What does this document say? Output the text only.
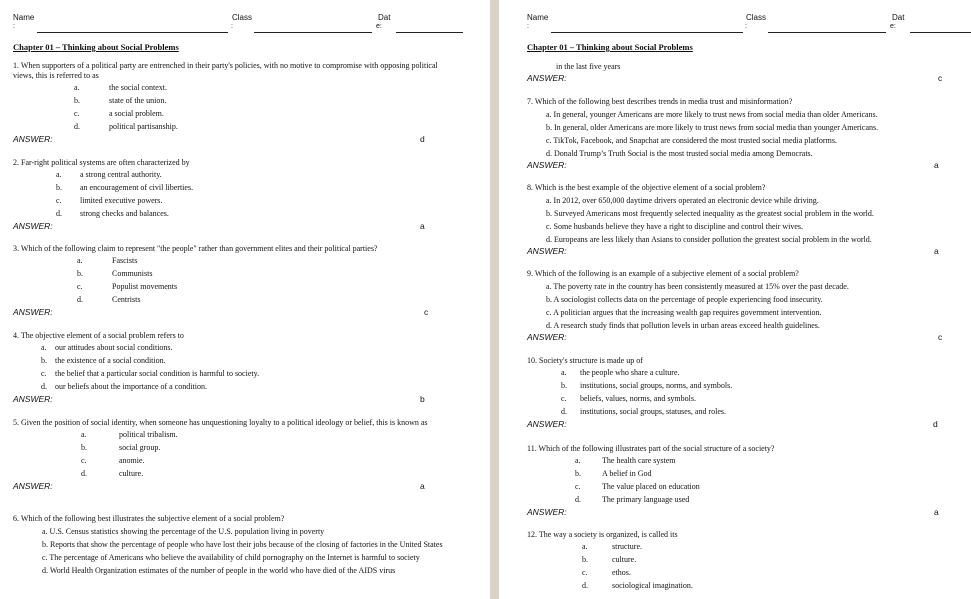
Name
:
Class
:
Dat
e:
Chapter 01 – Thinking about Social Problems
1. When supporters of a political party are entrenched in their party's policies, with no motive to compromise with opposing political views, this is referred to as
a.	the social context.
b.	state of the union.
c.	a social problem.
d.	political partisanship.
ANSWER:	d
2. Far-right political systems are often characterized by
a. a strong central authority.
b. an encouragement of civil liberties.
c. limited executive powers.
d. strong checks and balances.
ANSWER:	a
3. Which of the following claim to represent "the people" rather than government elites and their political parties?
a.	Fascists
b.	Communists
c.	Populist movements
d.	Centrists
ANSWER:	c
4. The objective element of a social problem refers to
a. our attitudes about social conditions.
b. the existence of a social condition.
c. the belief that a particular social condition is harmful to society.
d. our beliefs about the importance of a condition.
ANSWER:	b
5. Given the position of social identity, when someone has unquestioning loyalty to a political ideology or belief, this is known as
a.	political tribalism.
b.	social group.
c.	anomie.
d.	culture.
ANSWER:	a
6. Which of the following best illustrates the subjective element of a social problem?
a. U.S. Census statistics showing the percentage of the U.S. population living in poverty
b. Reports that show the percentage of people who have lost their jobs because of the closing of factories in the United States
c. The percentage of Americans who believe the availability of child pornography on the Internet is harmful to society
d. World Health Organization estimates of the number of people in the world who have died of the AIDS virus
Name
:
Class
:
Dat
e:
Chapter 01 – Thinking about Social Problems
in the last five years
ANSWER:	c
7. Which of the following best describes trends in media trust and misinformation?
a. In general, younger Americans are more likely to trust news from social media than older Americans.
b. In general, older Americans are more likely to trust news from social media than younger Americans.
c. TikTok, Facebook, and Snapchat are considered the most trusted social media platforms.
d. Donald Trump’s Truth Social is the most trusted social media among Democrats.
ANSWER:	a
8. Which is the best example of the objective element of a social problem?
a. In 2012, over 650,000 daytime drivers operated an electronic device while driving.
b. Surveyed Americans most frequently selected inequality as the greatest social problem in the world.
c. Some husbands believe they have a right to discipline and control their wives.
d. Europeans are less likely than Asians to consider pollution the greatest social problem in the world.
ANSWER:	a
9. Which of the following is an example of a subjective element of a social problem?
a. The poverty rate in the country has been consistently measured at 15% over the past decade.
b. A sociologist collects data on the percentage of people experiencing food insecurity.
c. A politician argues that the increasing wealth gap requires government intervention.
d. A research study finds that pollution levels in urban areas exceed health guidelines.
ANSWER:	c
10. Society's structure is made up of
a. the people who share a culture.
b. institutions, social groups, norms, and symbols.
c. beliefs, values, norms, and symbols.
d. institutions, social groups, statuses, and roles.
ANSWER:	d
11. Which of the following illustrates part of the social structure of a society?
a.	The health care system
b.	A belief in God
c.	The value placed on education
d.	The primary language used
ANSWER:	a
12. The way a society is organized, is called its
a.	structure.
b.	culture.
c.	ethos.
d.	sociological imagination.
